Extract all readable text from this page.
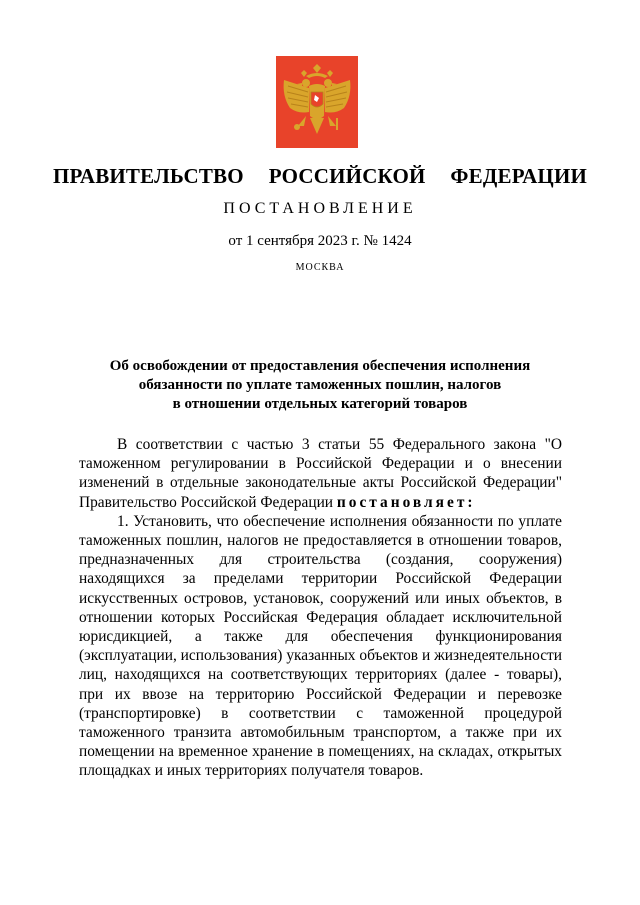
ПРАВИТЕЛЬСТВО  РОССИЙСКОЙ  ФЕДЕРАЦИИ
ПОСТАНОВЛЕНИЕ
от 1 сентября 2023 г. № 1424
МОСКВА
Об освобождении от предоставления обеспечения исполнения
обязанности по уплате таможенных пошлин, налогов
в отношении отдельных категорий товаров

В соответствии с частью 3 статьи 55 Федерального закона "О таможенном регулировании в Российской Федерации и о внесении изменений в отдельные законодательные акты Российской Федерации" Правительство Российской Федерации постановляет:

1. Установить, что обеспечение исполнения обязанности по уплате таможенных пошлин, налогов не предоставляется в отношении товаров, предназначенных для строительства (создания, сооружения) находящихся за пределами территории Российской Федерации искусственных островов, установок, сооружений или иных объектов, в отношении которых Российская Федерация обладает исключительной юрисдикцией, а также для обеспечения функционирования (эксплуатации, использования) указанных объектов и жизнедеятельности лиц, находящихся на соответствующих территориях (далее - товары), при их ввозе на территорию Российской Федерации и перевозке (транспортировке) в соответствии с таможенной процедурой таможенного транзита автомобильным транспортом, а также при их помещении на временное хранение в помещениях, на складах, открытых площадках и иных территориях получателя товаров.
